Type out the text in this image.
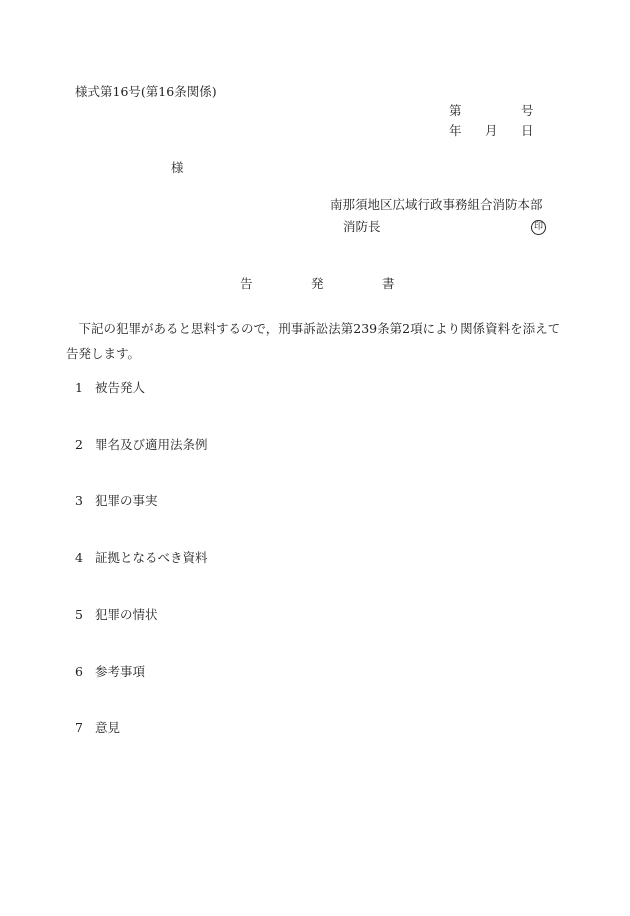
様式第16号(第16条関係)
第	号
年 月 日
様
南那須地区広域行政事務組合消防本部
消防長	印
告	発	書
下記の犯罪があると思料するので，刑事訴訟法第239条第2項により関係資料を添えて告発します。
1 被告発人
2 罪名及び適用法条例
3 犯罪の事実
4 証拠となるべき資料
5 犯罪の情状
6 参考事項
7 意見
